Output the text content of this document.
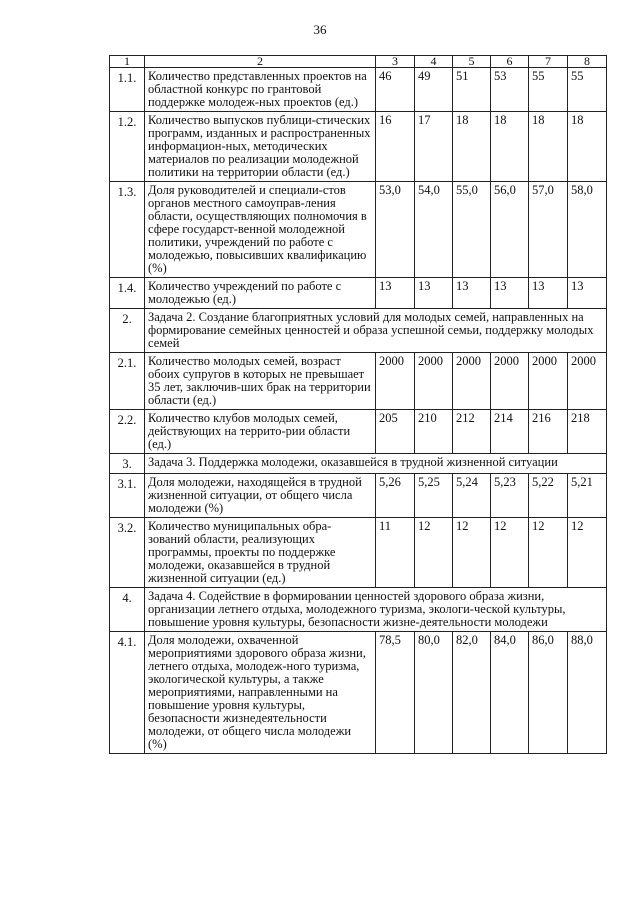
36
1	2	3	4	5	6	7	8
1.1.	Количество представленных проектов на областной конкурс по грантовой поддержке молодеж-ных проектов (ед.)	46	49	51	53	55	55
1.2.	Количество выпусков публици-стических программ, изданных и распространенных информацион-ных, методических материалов по реализации молодежной политики на территории области (ед.)	16	17	18	18	18	18
1.3.	Доля руководителей и специали-стов органов местного самоуправ-ления области, осуществляющих полномочия в сфере государст-венной молодежной политики, учреждений по работе с молодежью, повысивших квалификацию (%)	53,0	54,0	55,0	56,0	57,0	58,0
1.4.	Количество учреждений по работе с молодежью (ед.)	13	13	13	13	13	13
2.	Задача 2. Создание благоприятных условий для молодых семей, направленных на формирование семейных ценностей и образа успешной семьи, поддержку молодых семей						
2.1.	Количество молодых семей, возраст обоих супругов в которых не превышает 35 лет, заключив-ших брак на территории области (ед.)	2000	2000	2000	2000	2000	2000
2.2.	Количество клубов молодых семей, действующих на террито-рии области (ед.)	205	210	212	214	216	218
3.	Задача 3. Поддержка молодежи, оказавшейся в трудной жизненной ситуации						
3.1.	Доля молодежи, находящейся в трудной жизненной ситуации, от общего числа молодежи (%)	5,26	5,25	5,24	5,23	5,22	5,21
3.2.	Количество муниципальных обра-зований области, реализующих программы, проекты по поддержке молодежи, оказавшейся в трудной жизненной ситуации (ед.)	11	12	12	12	12	12
4.	Задача 4. Содействие в формировании ценностей здорового образа жизни, организации летнего отдыха, молодежного туризма, экологи-ческой культуры, повышение уровня культуры, безопасности жизне-деятельности молодежи						
4.1.	Доля молодежи, охваченной мероприятиями здорового образа жизни, летнего отдыха, молодеж-ного туризма, экологической культуры, а также мероприятиями, направленными на повышение уровня культуры, безопасности жизнедеятельности молодежи, от общего числа молодежи (%)	78,5	80,0	82,0	84,0	86,0	88,0
